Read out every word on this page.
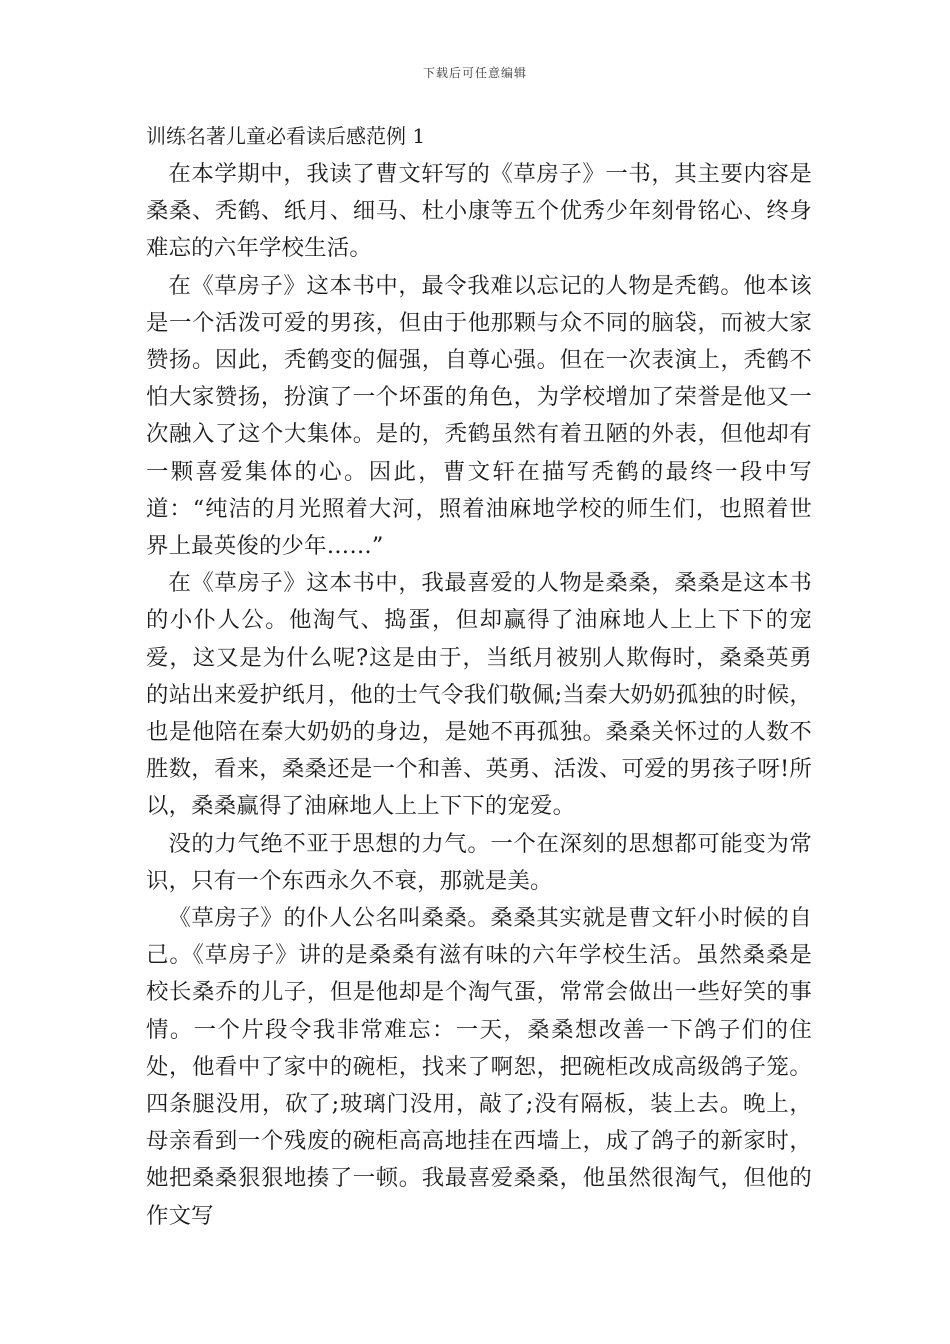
下载后可任意编辑
训练名著儿童必看读后感范例 1

在本学期中，我读了曹文轩写的《草房子》一书，其主要内容是桑桑、秃鹤、纸月、细马、杜小康等五个优秀少年刻骨铭心、终身难忘的六年学校生活。

在《草房子》这本书中，最令我难以忘记的人物是秃鹤。他本该是一个活泼可爱的男孩，但由于他那颗与众不同的脑袋，而被大家赞扬。因此，秃鹤变的倔强，自尊心强。但在一次表演上，秃鹤不怕大家赞扬，扮演了一个坏蛋的角色，为学校增加了荣誉是他又一次融入了这个大集体。是的，秃鹤虽然有着丑陋的外表，但他却有一颗喜爱集体的心。因此，曹文轩在描写秃鹤的最终一段中写道：“纯洁的月光照着大河，照着油麻地学校的师生们，也照着世界上最英俊的少年……”

在《草房子》这本书中，我最喜爱的人物是桑桑，桑桑是这本书的小仆人公。他淘气、捣蛋，但却赢得了油麻地人上上下下的宠爱，这又是为什么呢?这是由于，当纸月被别人欺侮时，桑桑英勇的站出来爱护纸月，他的士气令我们敬佩;当秦大奶奶孤独的时候，也是他陪在秦大奶奶的身边，是她不再孤独。桑桑关怀过的人数不胜数，看来，桑桑还是一个和善、英勇、活泼、可爱的男孩子呀!所以，桑桑赢得了油麻地人上上下下的宠爱。

没的力气绝不亚于思想的力气。一个在深刻的思想都可能变为常识，只有一个东西永久不衰，那就是美。

《草房子》的仆人公名叫桑桑。桑桑其实就是曹文轩小时候的自己。《草房子》讲的是桑桑有滋有味的六年学校生活。虽然桑桑是校长桑乔的儿子，但是他却是个淘气蛋，常常会做出一些好笑的事情。一个片段令我非常难忘：一天，桑桑想改善一下鸽子们的住处，他看中了家中的碗柜，找来了啊恕，把碗柜改成高级鸽子笼。四条腿没用，砍了;玻璃门没用，敲了;没有隔板，装上去。晚上，母亲看到一个残废的碗柜高高地挂在西墙上，成了鸽子的新家时，她把桑桑狠狠地揍了一顿。我最喜爱桑桑，他虽然很淘气，但他的作文写
